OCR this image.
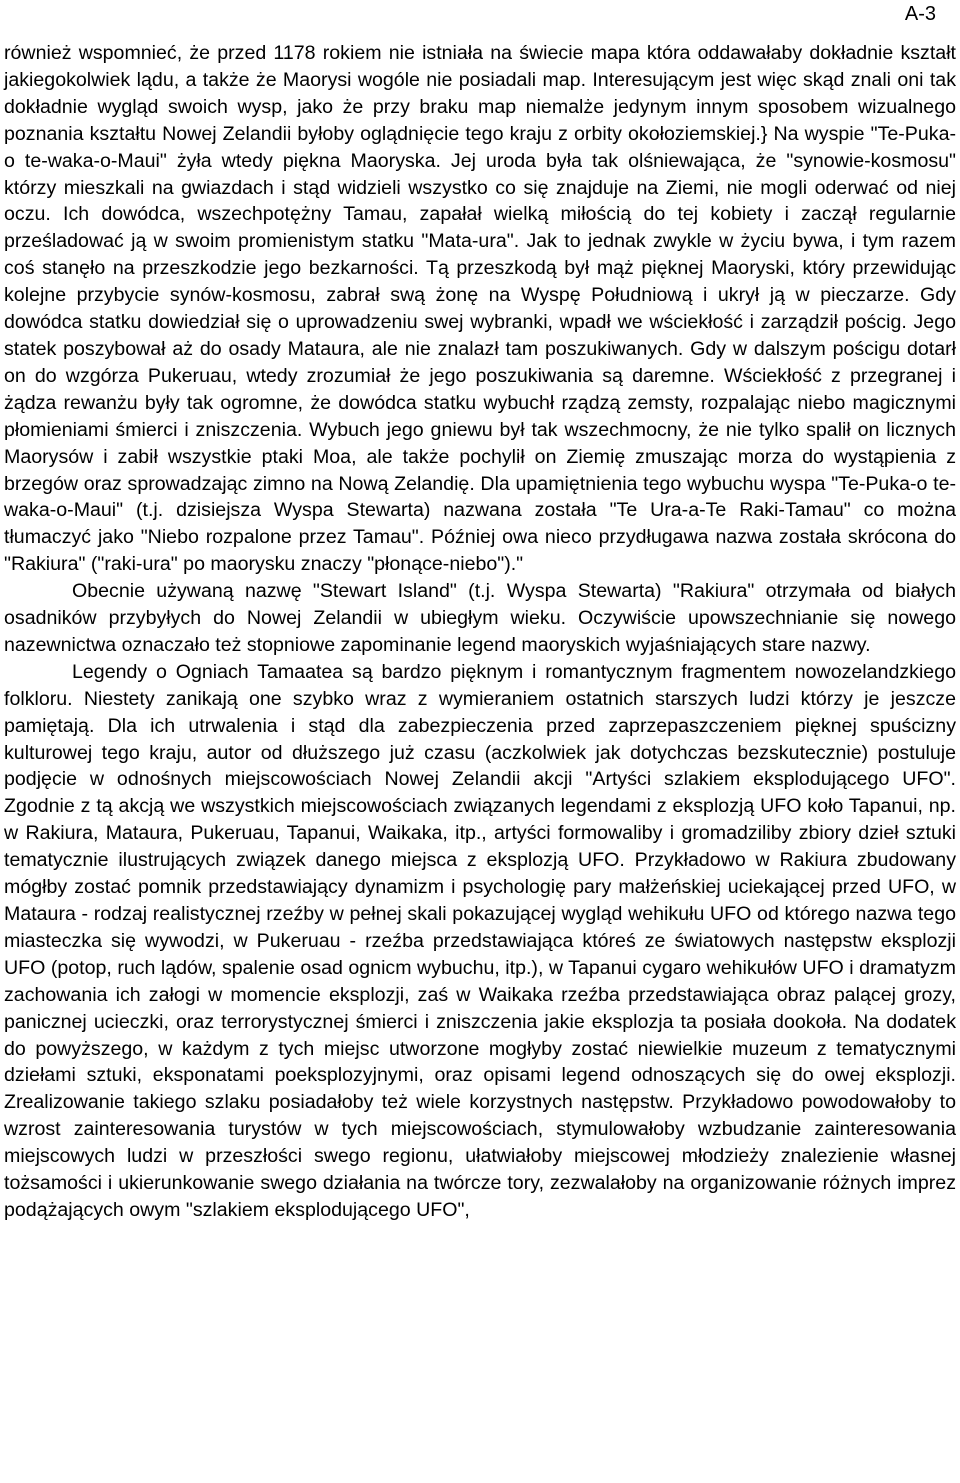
A-3

również wspomnieć, że przed 1178 rokiem nie istniała na świecie mapa która oddawałaby dokładnie kształt jakiegokolwiek lądu, a także że Maorysi wogóle nie posiadali map. Interesującym jest więc skąd znali oni tak dokładnie wygląd swoich wysp, jako że przy braku map niemalże jedynym innym sposobem wizualnego poznania kształtu Nowej Zelandii byłoby oglądnięcie tego kraju z orbity okołoziemskiej.} Na wyspie "Te-Puka-o te-waka-o-Maui" żyła wtedy piękna Maoryska. Jej uroda była tak olśniewająca, że "synowie-kosmosu" którzy mieszkali na gwiazdach i stąd widzieli wszystko co się znajduje na Ziemi, nie mogli oderwać od niej oczu. Ich dowódca, wszechpotężny Tamau, zapałał wielką miłością do tej kobiety i zaczął regularnie prześladować ją w swoim promienistym statku "Mata-ura". Jak to jednak zwykle w życiu bywa, i tym razem coś stanęło na przeszkodzie jego bezkarności. Tą przeszkodą był mąż pięknej Maoryski, który przewidując kolejne przybycie synów-kosmosu, zabrał swą żonę na Wyspę Południową i ukrył ją w pieczarze. Gdy dowódca statku dowiedział się o uprowadzeniu swej wybranki, wpadł we wściekłość i zarządził pościg. Jego statek poszybował aż do osady Mataura, ale nie znalazł tam poszukiwanych. Gdy w dalszym pościgu dotarł on do wzgórza Pukeruau, wtedy zrozumiał że jego poszukiwania są daremne. Wściekłość z przegranej i żądza rewanżu były tak ogromne, że dowódca statku wybuchł rządzą zemsty, rozpalając niebo magicznymi płomieniami śmierci i zniszczenia. Wybuch jego gniewu był tak wszechmocny, że nie tylko spalił on licznych Maorysów i zabił wszystkie ptaki Moa, ale także pochylił on Ziemię zmuszając morza do wystąpienia z brzegów oraz sprowadzając zimno na Nową Zelandię. Dla upamiętnienia tego wybuchu wyspa "Te-Puka-o te-waka-o-Maui" (t.j. dzisiejsza Wyspa Stewarta) nazwana została "Te Ura-a-Te Raki-Tamau" co można tłumaczyć jako "Niebo rozpalone przez Tamau". Później owa nieco przydługawa nazwa została skrócona do "Rakiura" ("raki-ura" po maorysku znaczy "płonące-niebo")."

Obecnie używaną nazwę "Stewart Island" (t.j. Wyspa Stewarta) "Rakiura" otrzymała od białych osadników przybyłych do Nowej Zelandii w ubiegłym wieku. Oczywiście upowszechnianie się nowego nazewnictwa oznaczało też stopniowe zapominanie legend maoryskich wyjaśniających stare nazwy.

Legendy o Ogniach Tamaatea są bardzo pięknym i romantycznym fragmentem nowozelandzkiego folkloru. Niestety zanikają one szybko wraz z wymieraniem ostatnich starszych ludzi którzy je jeszcze pamiętają. Dla ich utrwalenia i stąd dla zabezpieczenia przed zaprzepaszczeniem pięknej spuścizny kulturowej tego kraju, autor od dłuższego już czasu (aczkolwiek jak dotychczas bezskutecznie) postuluje podjęcie w odnośnych miejscowościach Nowej Zelandii akcji "Artyści szlakiem eksplodującego UFO". Zgodnie z tą akcją we wszystkich miejscowościach związanych legendami z eksplozją UFO koło Tapanui, np. w Rakiura, Mataura, Pukeruau, Tapanui, Waikaka, itp., artyści formowaliby i gromadziliby zbiory dzieł sztuki tematycznie ilustrujących związek danego miejsca z eksplozją UFO. Przykładowo w Rakiura zbudowany mógłby zostać pomnik przedstawiający dynamizm i psychologię pary małżeńskiej uciekającej przed UFO, w Mataura - rodzaj realistycznej rzeźby w pełnej skali pokazującej wygląd wehikułu UFO od którego nazwa tego miasteczka się wywodzi, w Pukeruau - rzeźba przedstawiająca któreś ze światowych następstw eksplozji UFO (potop, ruch lądów, spalenie osad ognicm wybuchu, itp.), w Tapanui cygaro wehikułów UFO i dramatyzm zachowania ich załogi w momencie eksplozji, zaś w Waikaka rzeźba przedstawiająca obraz palącej grozy, panicznej ucieczki, oraz terrorystycznej śmierci i zniszczenia jakie eksplozja ta posiała dookoła. Na dodatek do powyższego, w każdym z tych miejsc utworzone mogłyby zostać niewielkie muzeum z tematycznymi dziełami sztuki, eksponatami poeksplozyjnymi, oraz opisami legend odnoszących się do owej eksplozji. Zrealizowanie takiego szlaku posiadałoby też wiele korzystnych następstw. Przykładowo powodowałoby to wzrost zainteresowania turystów w tych miejscowościach, stymulowałoby wzbudzanie zainteresowania miejscowych ludzi w przeszłości swego regionu, ułatwiałoby miejscowej młodzieży znalezienie własnej tożsamości i ukierunkowanie swego działania na twórcze tory, zezwalałoby na organizowanie różnych imprez podążających owym "szlakiem eksplodującego UFO",
